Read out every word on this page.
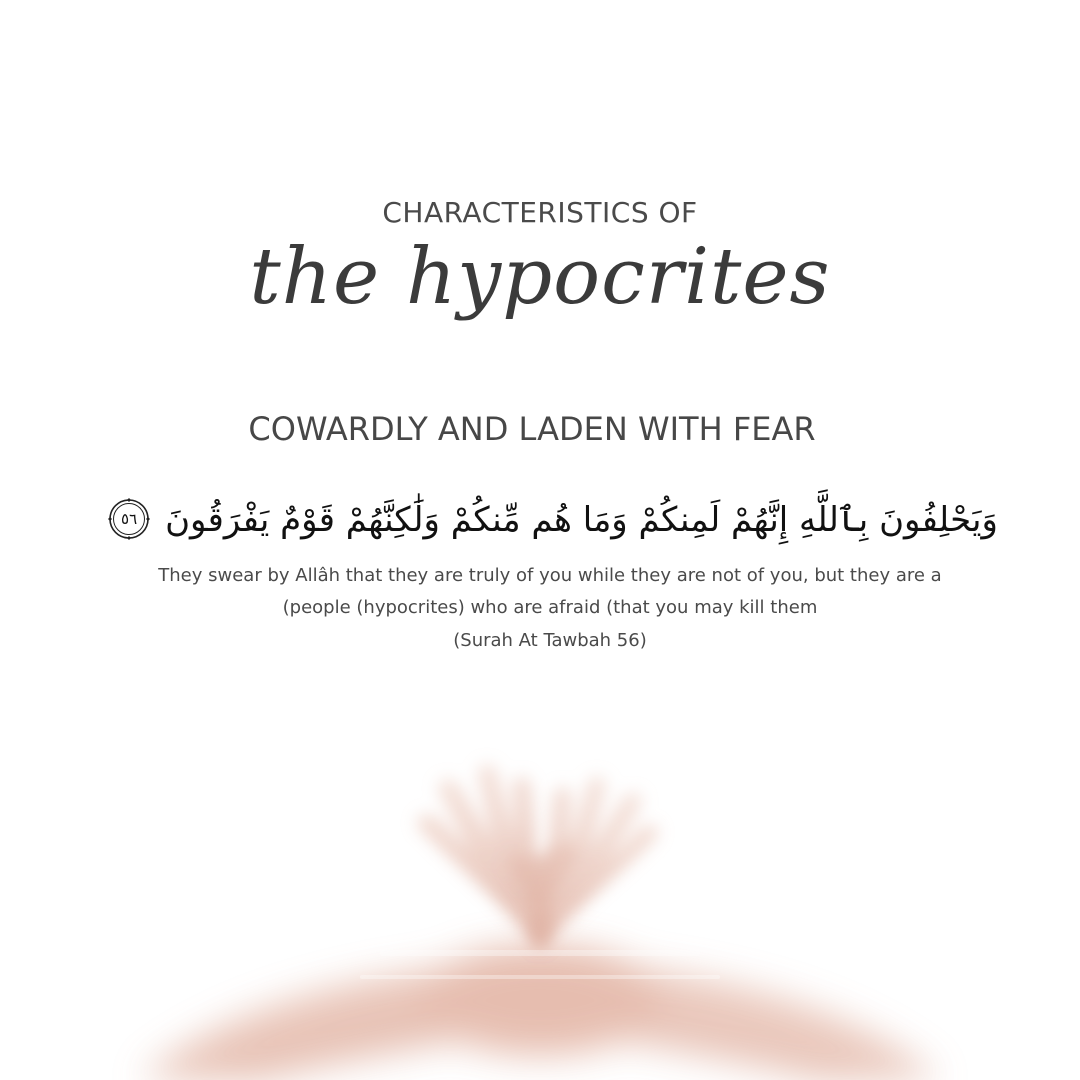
CHARACTERISTICS OF
the hypocrites
COWARDLY AND LADEN WITH FEAR
وَيَحْلِفُونَ بِٱللَّهِ إِنَّهُمْ لَمِنكُمْ وَمَا هُم مِّنكُمْ وَلَٰكِنَّهُمْ قَوْمٌ يَفْرَقُونَ
٥٦
They swear by Allâh that they are truly of you while they are not of you, but they are a
(people (hypocrites) who are afraid (that you may kill them
(Surah At Tawbah 56)
